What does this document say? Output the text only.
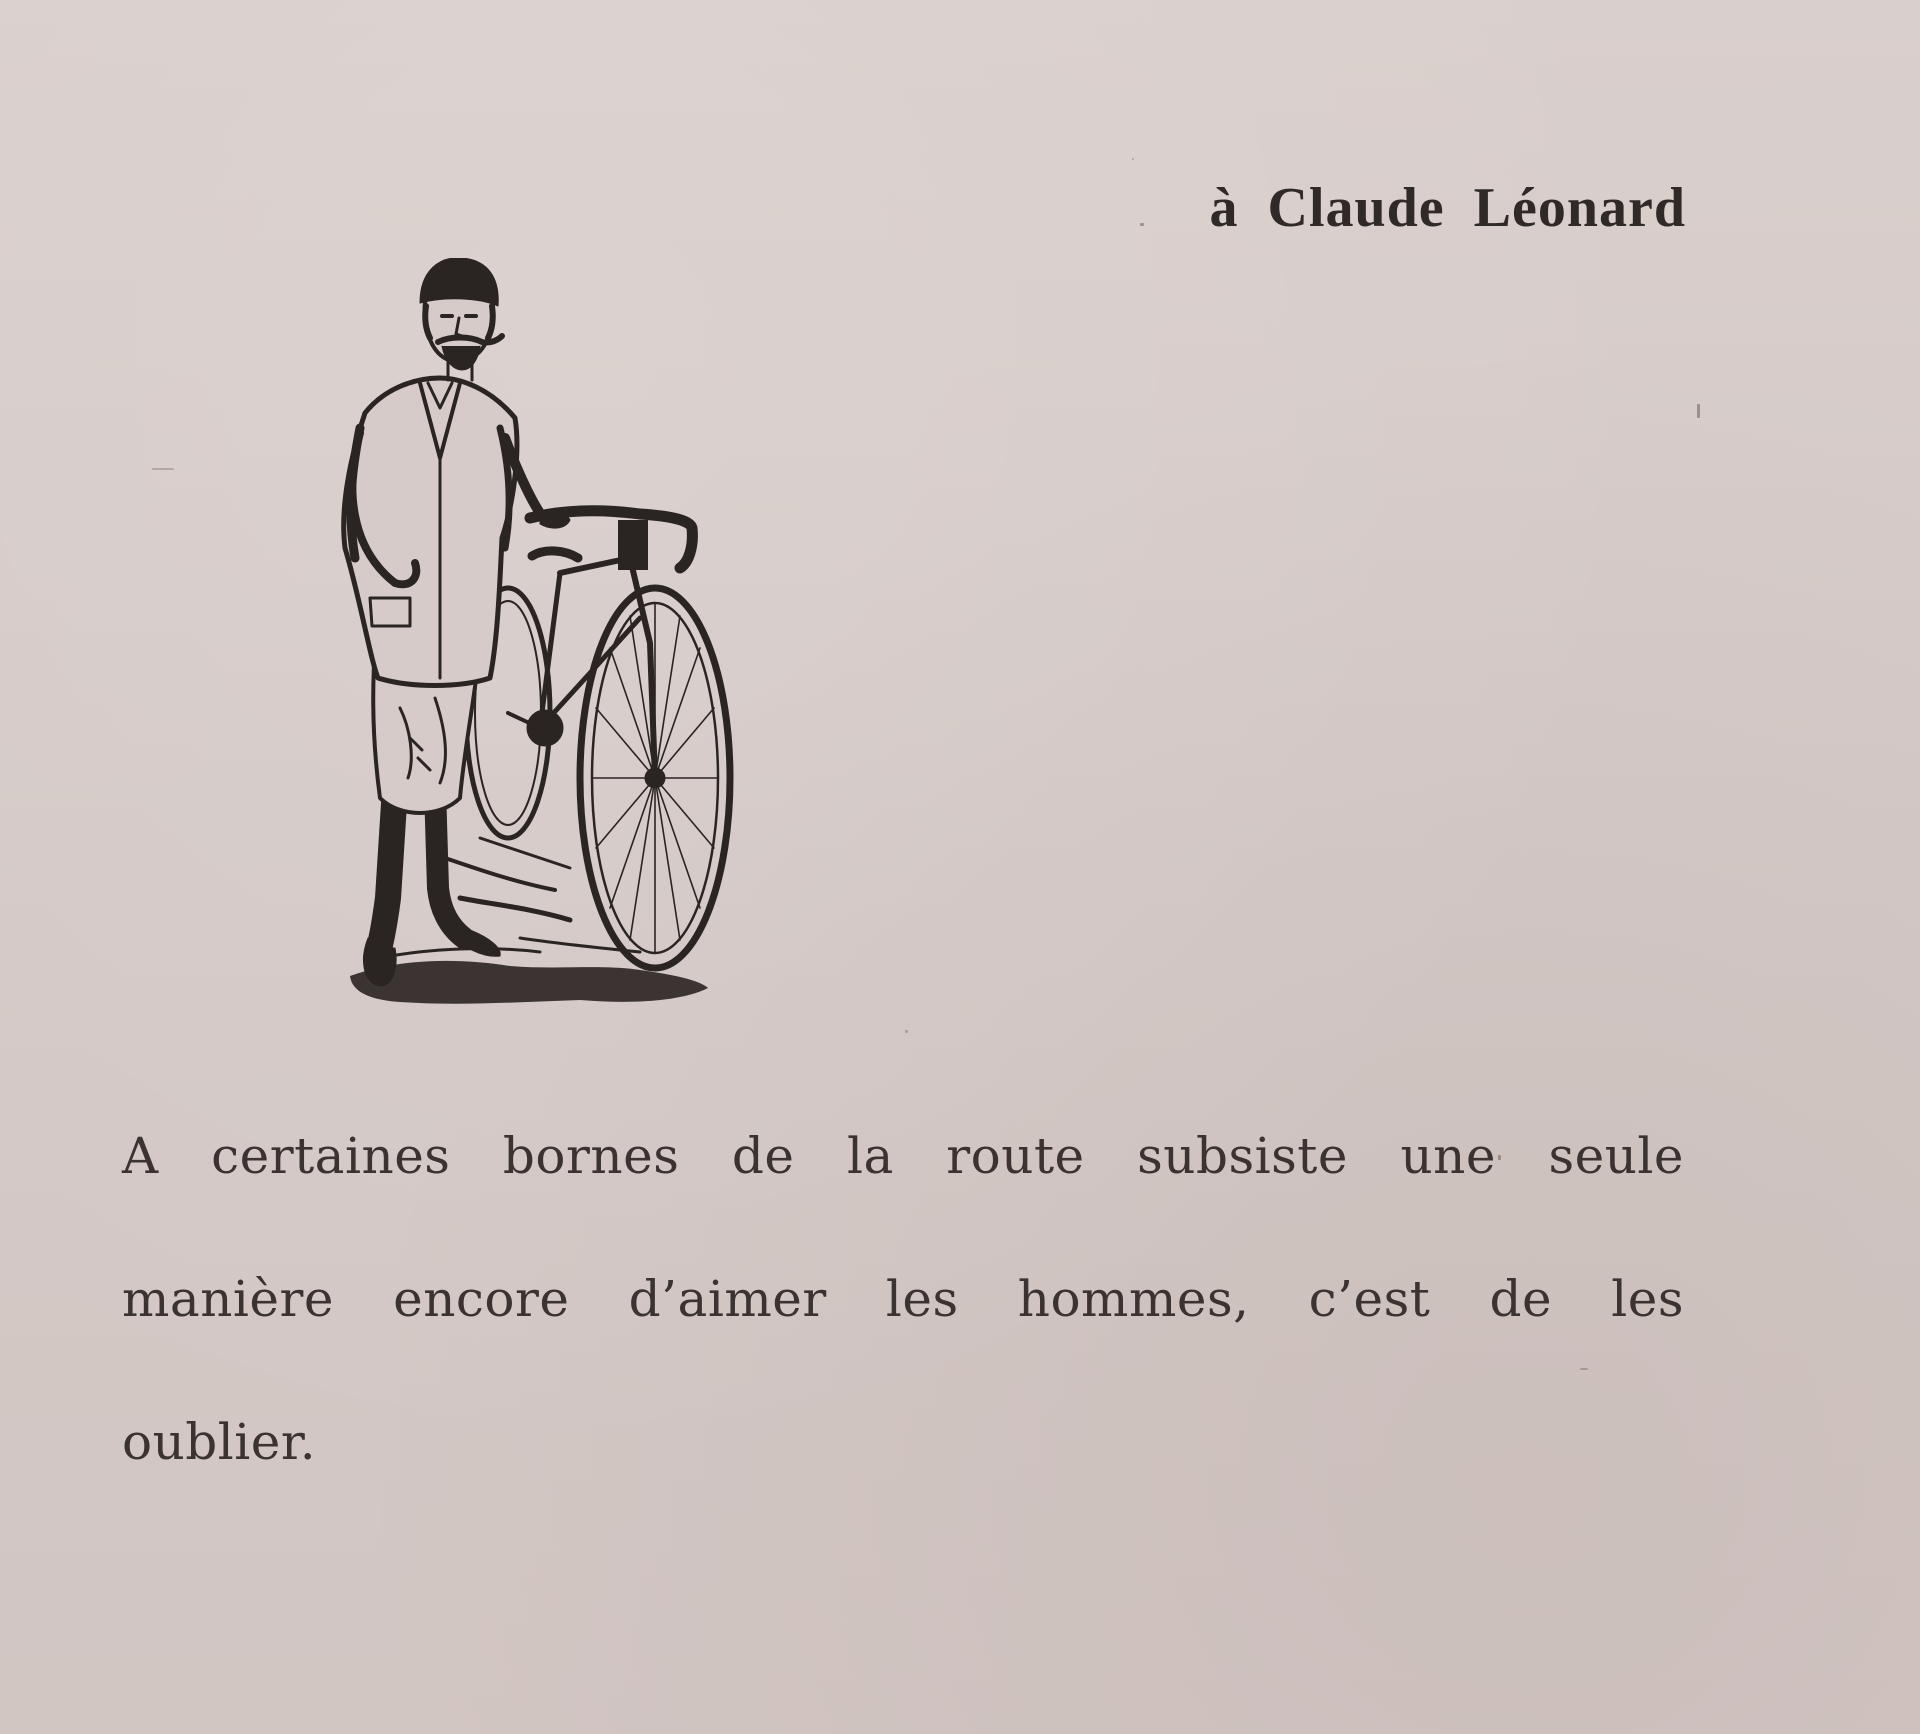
à Claude Léonard
A certaines bornes de la route subsiste une seule
manière encore d’aimer les hommes, c’est de les
oublier.
